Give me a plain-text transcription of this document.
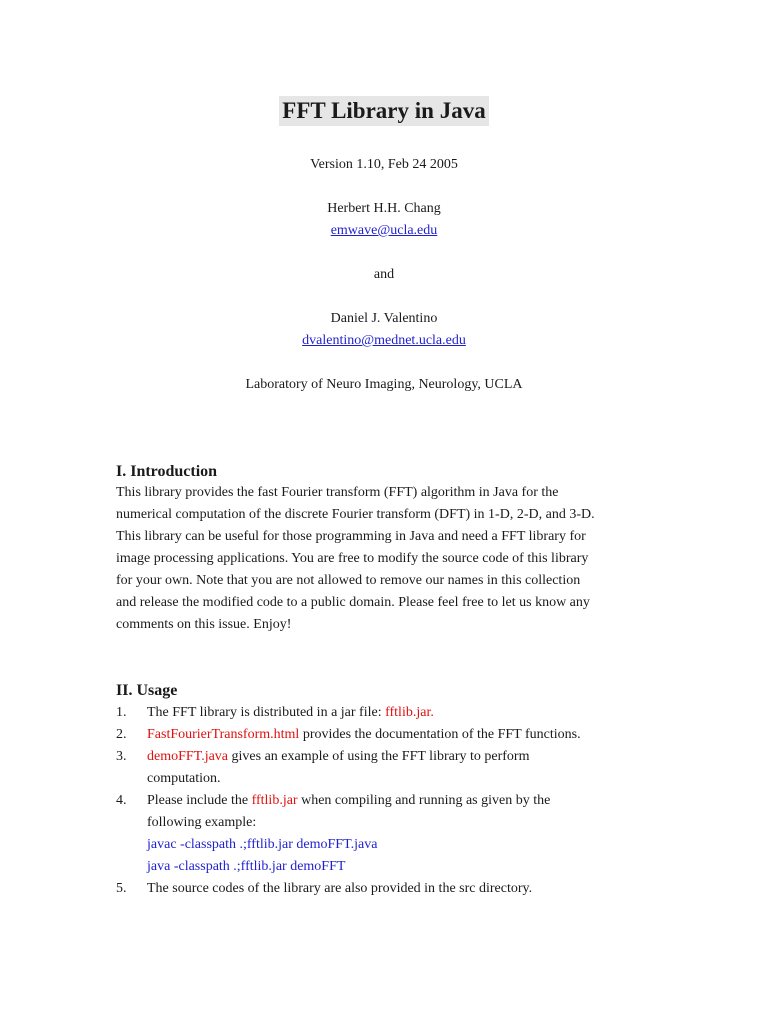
FFT Library in Java
Version 1.10, Feb 24 2005
Herbert H.H. Chang
emwave@ucla.edu
and
Daniel J. Valentino
dvalentino@mednet.ucla.edu
Laboratory of Neuro Imaging, Neurology, UCLA
I. Introduction
This library provides the fast Fourier transform (FFT) algorithm in Java for the
numerical computation of the discrete Fourier transform (DFT) in 1-D, 2-D, and 3-D.
This library can be useful for those programming in Java and need a FFT library for
image processing applications. You are free to modify the source code of this library
for your own. Note that you are not allowed to remove our names in this collection
and release the modified code to a public domain. Please feel free to let us know any
comments on this issue. Enjoy!
II. Usage
1. The FFT library is distributed in a jar file: fftlib.jar.
2. FastFourierTransform.html provides the documentation of the FFT functions.
3. demoFFT.java gives an example of using the FFT library to perform
computation.
4. Please include the fftlib.jar when compiling and running as given by the
following example:
javac -classpath .;fftlib.jar demoFFT.java
java -classpath .;fftlib.jar demoFFT
5. The source codes of the library are also provided in the src directory.
